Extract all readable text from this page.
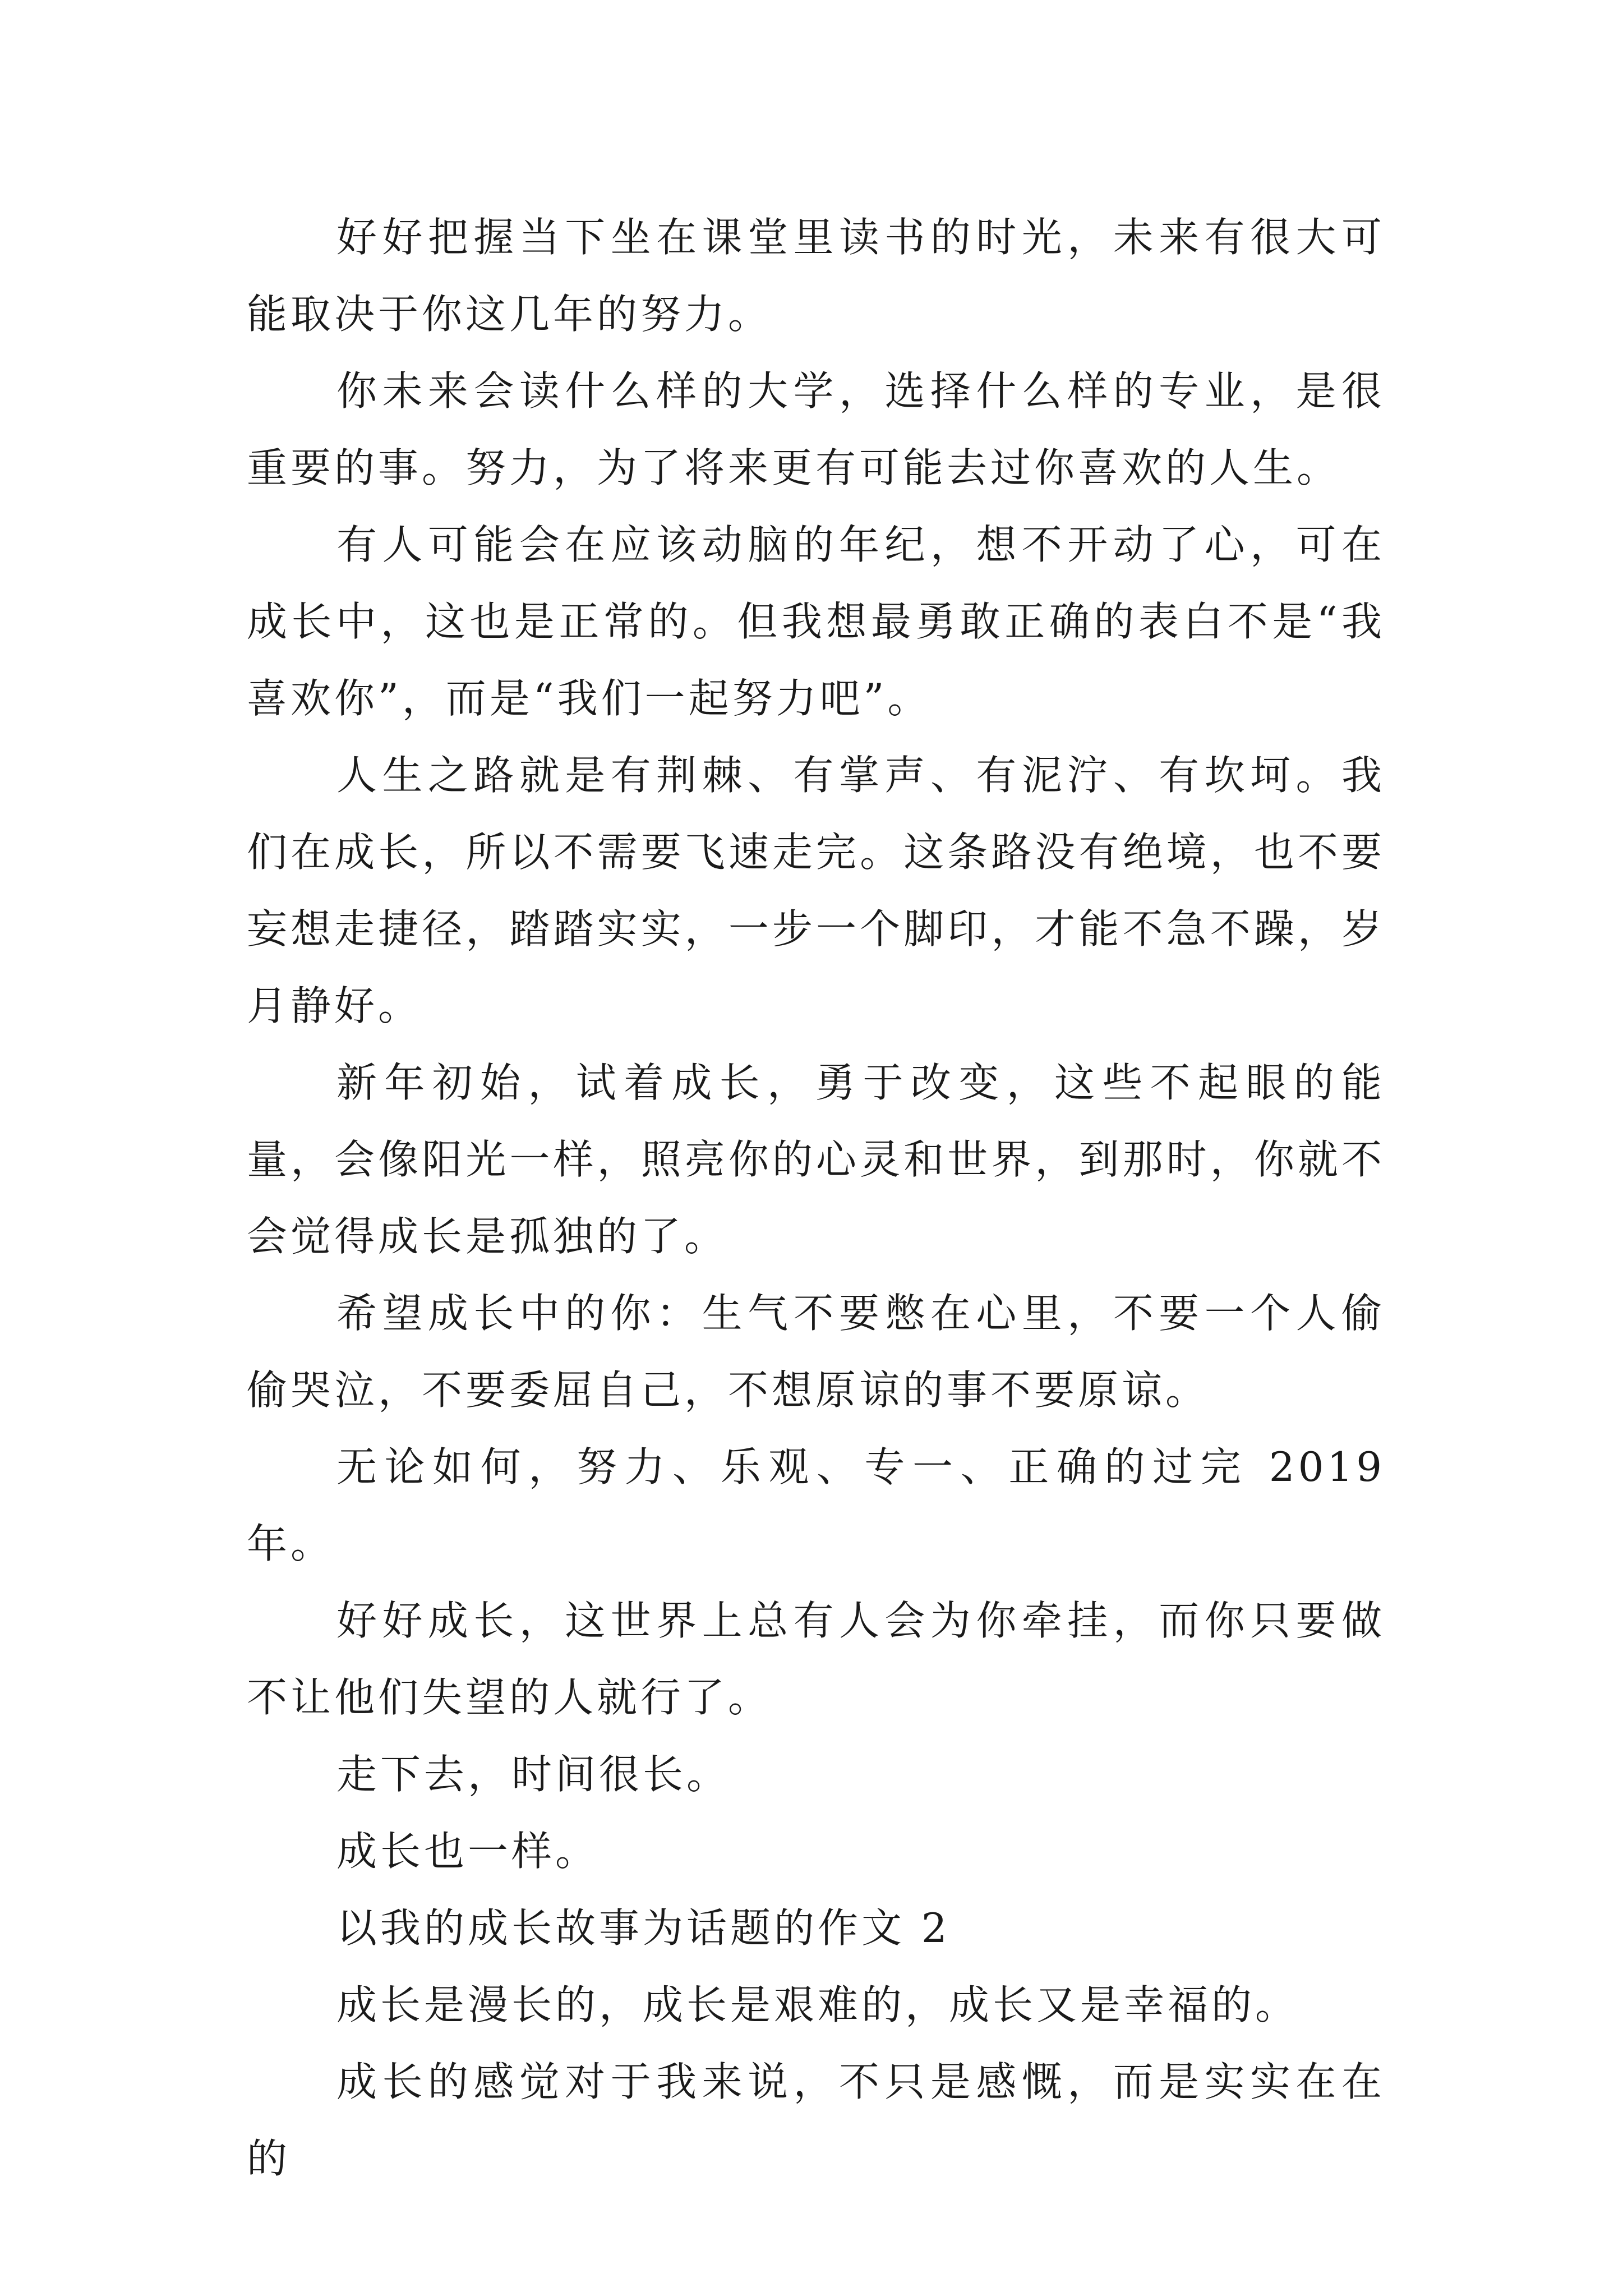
好好把握当下坐在课堂里读书的时光，未来有很大可能取决于你这几年的努力。

你未来会读什么样的大学，选择什么样的专业，是很重要的事。努力，为了将来更有可能去过你喜欢的人生。

有人可能会在应该动脑的年纪，想不开动了心，可在成长中，这也是正常的。但我想最勇敢正确的表白不是“我喜欢你”，而是“我们一起努力吧”。

人生之路就是有荆棘、有掌声、有泥泞、有坎坷。我们在成长，所以不需要飞速走完。这条路没有绝境，也不要妄想走捷径，踏踏实实，一步一个脚印，才能不急不躁，岁月静好。

新年初始，试着成长，勇于改变，这些不起眼的能量，会像阳光一样，照亮你的心灵和世界，到那时，你就不会觉得成长是孤独的了。

希望成长中的你：生气不要憋在心里，不要一个人偷偷哭泣，不要委屈自己，不想原谅的事不要原谅。

无论如何，努力、乐观、专一、正确的过完 2019 年。

好好成长，这世界上总有人会为你牵挂，而你只要做不让他们失望的人就行了。

走下去，时间很长。

成长也一样。

以我的成长故事为话题的作文 2

成长是漫长的，成长是艰难的，成长又是幸福的。

成长的感觉对于我来说，不只是感慨，而是实实在在的
